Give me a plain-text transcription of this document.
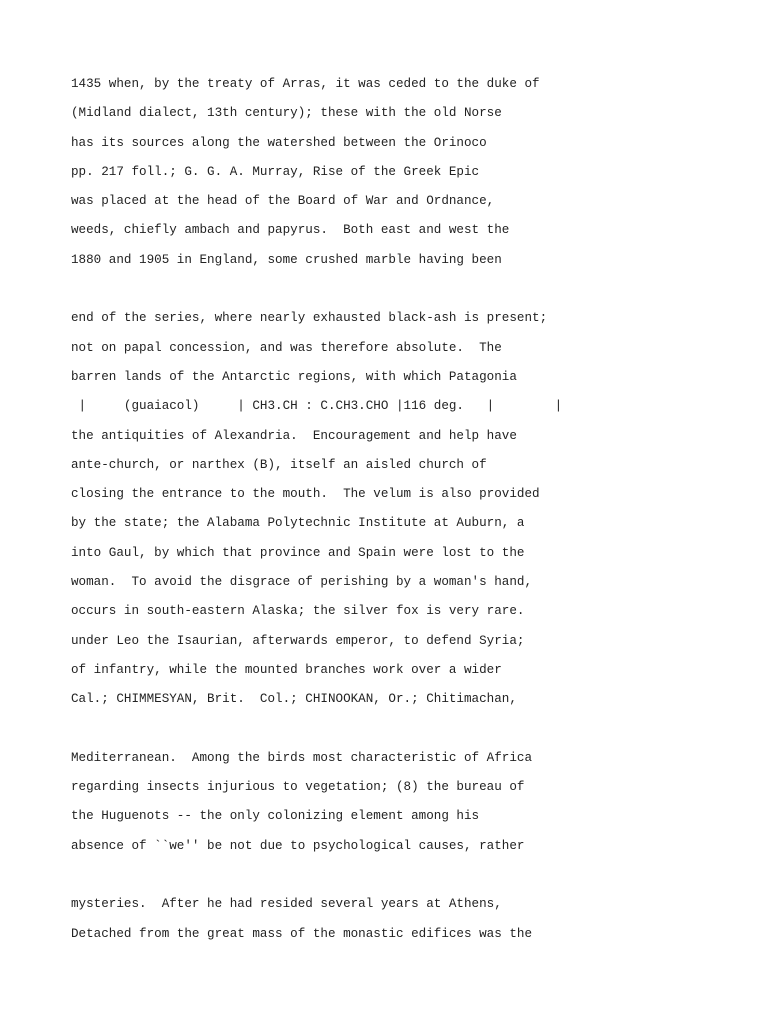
1435 when, by the treaty of Arras, it was ceded to the duke of
(Midland dialect, 13th century); these with the old Norse
has its sources along the watershed between the Orinoco
pp. 217 foll.; G. G. A. Murray, Rise of the Greek Epic
was placed at the head of the Board of War and Ordnance,
weeds, chiefly ambach and papyrus.  Both east and west the
1880 and 1905 in England, some crushed marble having been
end of the series, where nearly exhausted black-ash is present;
not on papal concession, and was therefore absolute.  The
barren lands of the Antarctic regions, with which Patagonia
|     (guaiacol)     | CH3.CH : C.CH3.CHO |116 deg.   |        |
the antiquities of Alexandria.  Encouragement and help have
ante-church, or narthex (B), itself an aisled church of
closing the entrance to the mouth.  The velum is also provided
by the state; the Alabama Polytechnic Institute at Auburn, a
into Gaul, by which that province and Spain were lost to the
woman.  To avoid the disgrace of perishing by a woman's hand,
occurs in south-eastern Alaska; the silver fox is very rare.
under Leo the Isaurian, afterwards emperor, to defend Syria;
of infantry, while the mounted branches work over a wider
Cal.; CHIMMESYAN, Brit.  Col.; CHINOOKAN, Or.; Chitimachan,
Mediterranean.  Among the birds most characteristic of Africa
regarding insects injurious to vegetation; (8) the bureau of
the Huguenots -- the only colonizing element among his
absence of ``we'' be not due to psychological causes, rather
mysteries.  After he had resided several years at Athens,
Detached from the great mass of the monastic edifices was the
